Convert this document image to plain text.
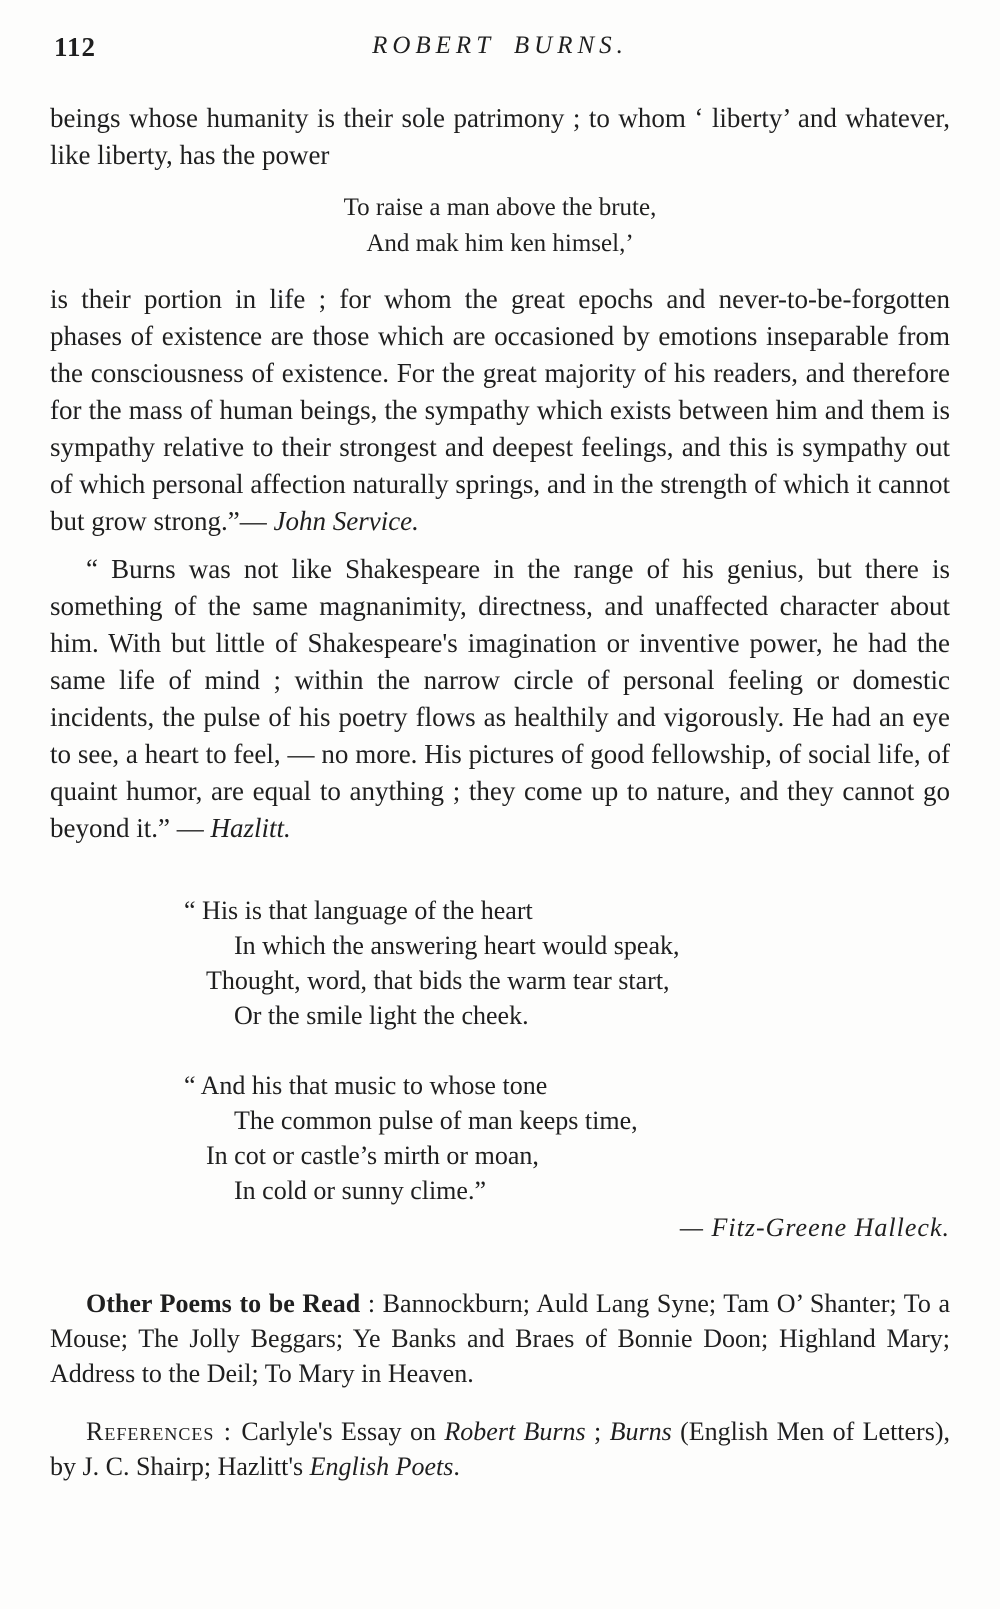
112	ROBERT BURNS.

beings whose humanity is their sole patrimony ; to whom ‘ liberty’ and whatever, like liberty, has the power

To raise a man above the brute,
And mak him ken himsel,’

is their portion in life ; for whom the great epochs and never-to-be-forgotten phases of existence are those which are occasioned by emotions inseparable from the consciousness of existence. For the great majority of his readers, and therefore for the mass of human beings, the sympathy which exists between him and them is sympathy relative to their strongest and deepest feelings, and this is sympathy out of which personal affection naturally springs, and in the strength of which it cannot but grow strong.”— John Service.

“ Burns was not like Shakespeare in the range of his genius, but there is something of the same magnanimity, directness, and unaffected character about him. With but little of Shakespeare's imagination or inventive power, he had the same life of mind ; within the narrow circle of personal feeling or domestic incidents, the pulse of his poetry flows as healthily and vigorously. He had an eye to see, a heart to feel, — no more. His pictures of good fellowship, of social life, of quaint humor, are equal to anything ; they come up to nature, and they cannot go beyond it.” — Hazlitt.

“ His is that language of the heart
In which the answering heart would speak,
Thought, word, that bids the warm tear start,
Or the smile light the cheek.
“ And his that music to whose tone
The common pulse of man keeps time,
In cot or castle’s mirth or moan,
In cold or sunny clime.”
— Fitz-Greene Halleck.

Other Poems to be Read : Bannockburn; Auld Lang Syne; Tam O’ Shanter; To a Mouse; The Jolly Beggars; Ye Banks and Braes of Bonnie Doon; Highland Mary; Address to the Deil; To Mary in Heaven.

References : Carlyle's Essay on Robert Burns ; Burns (English Men of Letters), by J. C. Shairp; Hazlitt's English Poets.
